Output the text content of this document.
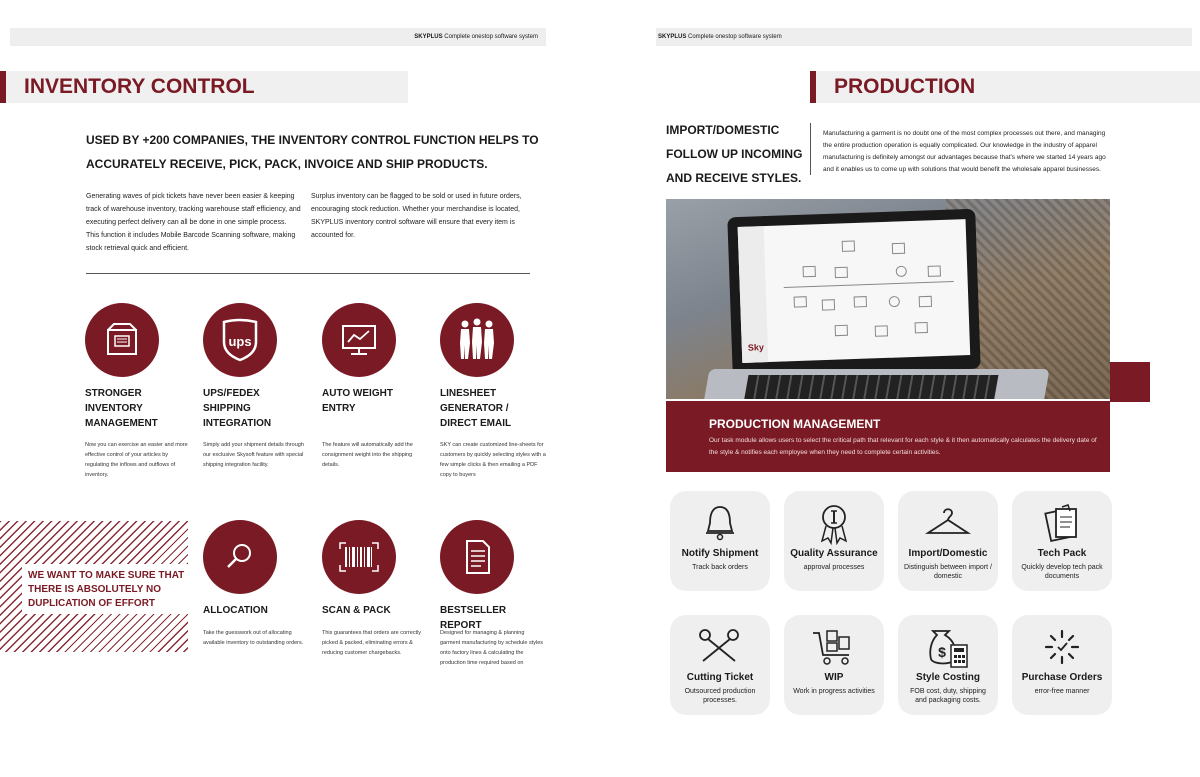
SKYPLUS Complete onestop software system
INVENTORY CONTROL
USED BY +200 COMPANIES, THE INVENTORY CONTROL FUNCTION HELPS TO
ACCURATELY RECEIVE, PICK, PACK, INVOICE AND SHIP PRODUCTS.
Generating waves of pick tickets have never been easier & keeping track of warehouse inventory, tracking warehouse staff efficiency, and executing perfect delivery can all be done in one simple process. This function it includes Mobile Barcode Scanning software, making stock retrieval quick and efficient.
Surplus inventory can be flagged to be sold or used in future orders, encouraging stock reduction. Whether your merchandise is located, SKYPLUS inventory control software will ensure that every item is accounted for.
ups
STRONGER INVENTORY MANAGEMENT
UPS/FEDEX SHIPPING INTEGRATION
AUTO WEIGHT ENTRY
LINESHEET GENERATOR / DIRECT EMAIL
Now you can exercise an easier and more effective control of your articles by regulating the inflows and outflows of inventory.
Simply add your shipment details through our exclusive Skysoft feature with special shipping integration facility.
The feature will automatically add the consignment weight into the shipping details.
SKY can create customized line-sheets for customers by quickly selecting styles with a few simple clicks & then emailing a PDF copy to buyers
WE WANT TO MAKE SURE THAT THERE IS ABSOLUTELY NO DUPLICATION OF EFFORT
ALLOCATION	SCAN & PACK	BESTSELLER REPORT
Take the guesswork out of allocating available inventory to outstanding orders.
This guarantees that orders are correctly picked & packed, eliminating errors & reducing customer chargebacks.
Designed for managing & planning garment manufacturing by schedule styles onto factory lines & calculating the production time required based on
SKYPLUS Complete onestop software system
PRODUCTION
IMPORT/DOMESTIC FOLLOW UP INCOMING AND RECEIVE STYLES.
Manufacturing a garment is no doubt one of the most complex processes out there, and managing the entire production operation is equally complicated. Our knowledge in the industry of apparel manufacturing is definitely amongst our advantages because that's where we started 14 years ago and it enables us to come up with solutions that would benefit the wholesale apparel businesses.
Sky
PRODUCTION MANAGEMENT
Our task module allows users to select the critical path that relevant for each style & it then automatically calculates the delivery date of the style & notifies each employee when they need to complete certain activities.
Notify Shipment
Track back orders
Quality Assurance
approval processes
Import/Domestic
Distinguish between import / domestic
Tech Pack
Quickly develop tech pack documents
Cutting Ticket
Outsourced production processes.
WIP
Work in progress activities
$
Style Costing
FOB cost, duty, shipping and packaging costs.
Purchase Orders
error-free manner
